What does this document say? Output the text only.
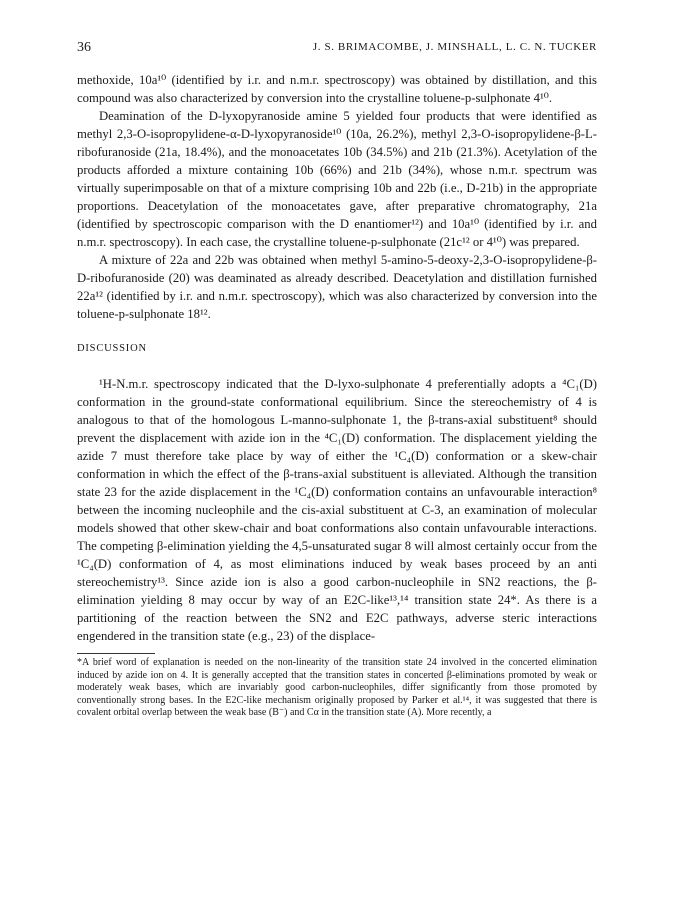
36	J. S. BRIMACOMBE, J. MINSHALL, L. C. N. TUCKER

methoxide, 10a¹⁰ (identified by i.r. and n.m.r. spectroscopy) was obtained by distillation, and this compound was also characterized by conversion into the crystalline toluene-p-sulphonate 4¹⁰.

Deamination of the D-lyxopyranoside amine 5 yielded four products that were identified as methyl 2,3-O-isopropylidene-α-D-lyxopyranoside¹⁰ (10a, 26.2%), methyl 2,3-O-isopropylidene-β-L-ribofuranoside (21a, 18.4%), and the monoacetates 10b (34.5%) and 21b (21.3%). Acetylation of the products afforded a mixture containing 10b (66%) and 21b (34%), whose n.m.r. spectrum was virtually superimposable on that of a mixture comprising 10b and 22b (i.e., D-21b) in the appropriate proportions. Deacetylation of the monoacetates gave, after preparative chromatography, 21a (identified by spectroscopic comparison with the D enantiomer¹²) and 10a¹⁰ (identified by i.r. and n.m.r. spectroscopy). In each case, the crystalline toluene-p-sulphonate (21c¹² or 4¹⁰) was prepared.

A mixture of 22a and 22b was obtained when methyl 5-amino-5-deoxy-2,3-O-isopropylidene-β-D-ribofuranoside (20) was deaminated as already described. Deacetylation and distillation furnished 22a¹² (identified by i.r. and n.m.r. spectroscopy), which was also characterized by conversion into the toluene-p-sulphonate 18¹².

DISCUSSION

¹H-N.m.r. spectroscopy indicated that the D-lyxo-sulphonate 4 preferentially adopts a ⁴C₁(D) conformation in the ground-state conformational equilibrium. Since the stereochemistry of 4 is analogous to that of the homologous L-manno-sulphonate 1, the β-trans-axial substituent⁸ should prevent the displacement with azide ion in the ⁴C₁(D) conformation. The displacement yielding the azide 7 must therefore take place by way of either the ¹C₄(D) conformation or a skew-chair conformation in which the effect of the β-trans-axial substituent is alleviated. Although the transition state 23 for the azide displacement in the ¹C₄(D) conformation contains an unfavourable interaction⁸ between the incoming nucleophile and the cis-axial substituent at C-3, an examination of molecular models showed that other skew-chair and boat conformations also contain unfavourable interactions. The competing β-elimination yielding the 4,5-unsaturated sugar 8 will almost certainly occur from the ¹C₄(D) conformation of 4, as most eliminations induced by weak bases proceed by an anti stereochemistry¹³. Since azide ion is also a good carbon-nucleophile in SN2 reactions, the β-elimination yielding 8 may occur by way of an E2C-like¹³,¹⁴ transition state 24*. As there is a partitioning of the reaction between the SN2 and E2C pathways, adverse steric interactions engendered in the transition state (e.g., 23) of the displace-

*A brief word of explanation is needed on the non-linearity of the transition state 24 involved in the concerted elimination induced by azide ion on 4. It is generally accepted that the transition states in concerted β-eliminations promoted by weak or moderately weak bases, which are invariably good carbon-nucleophiles, differ significantly from those promoted by conventionally strong bases. In the E2C-like mechanism originally proposed by Parker et al.¹⁴, it was suggested that there is covalent orbital overlap between the weak base (B⁻) and Cα in the transition state (A). More recently, a
